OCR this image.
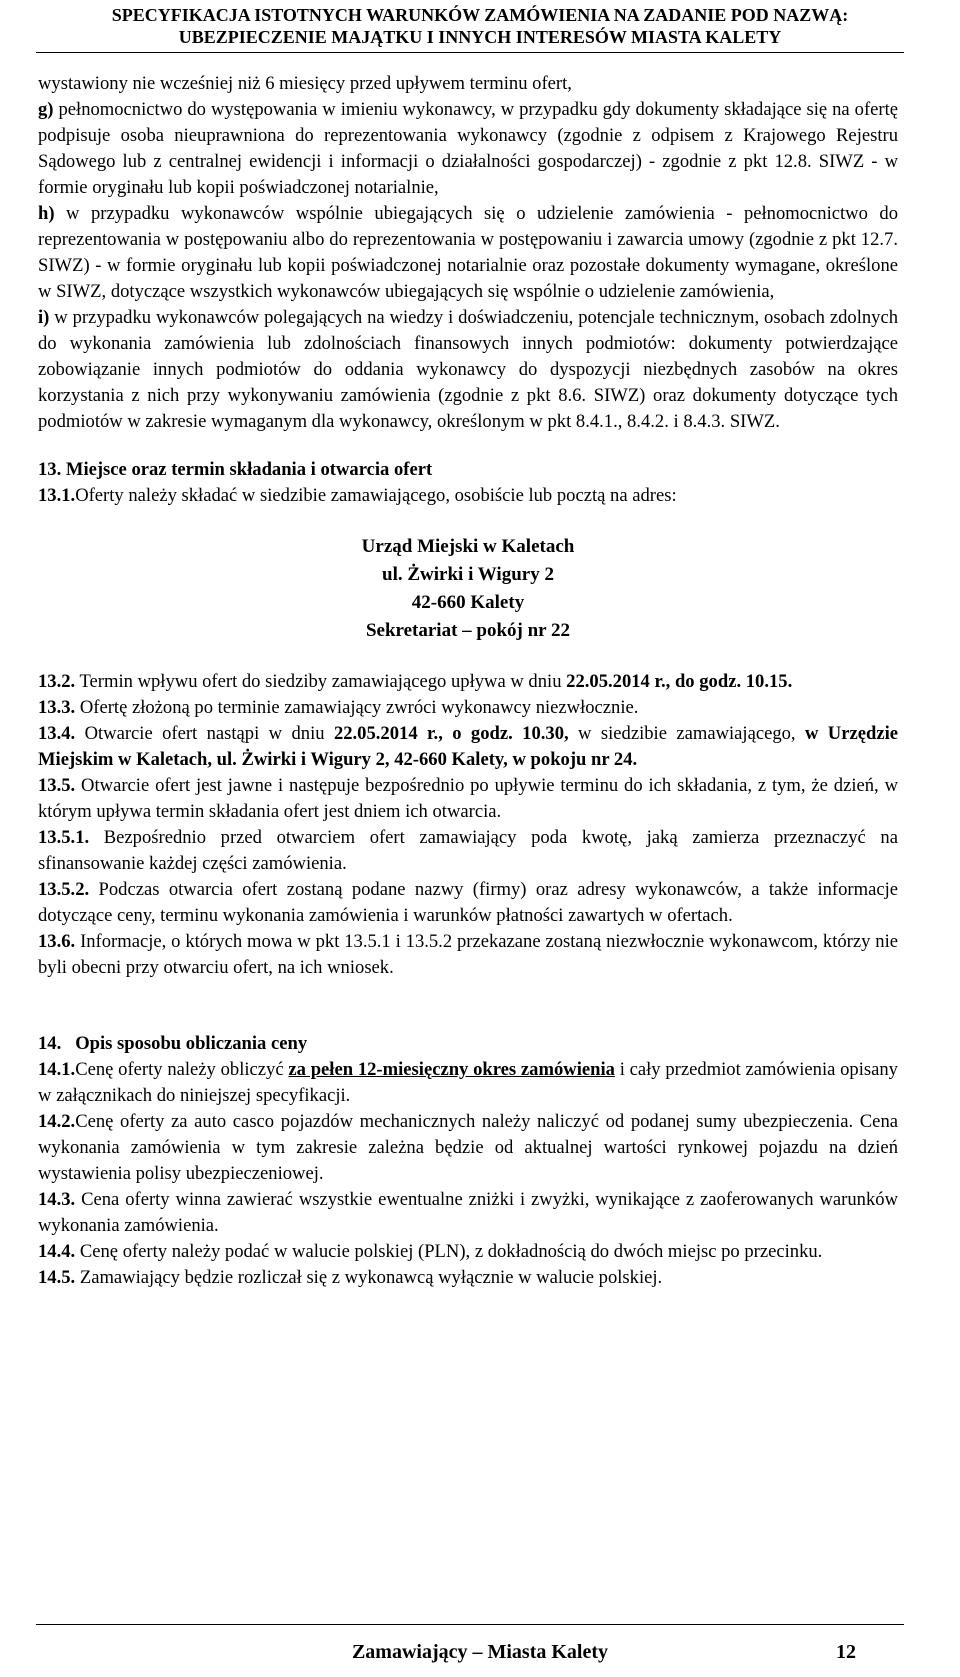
SPECYFIKACJA ISTOTNYCH WARUNKÓW ZAMÓWIENIA NA ZADANIE POD NAZWĄ:
UBEZPIECZENIE MAJĄTKU I INNYCH INTERESÓW MIASTA KALETY

wystawiony nie wcześniej niż 6 miesięcy przed upływem terminu ofert,

g) pełnomocnictwo do występowania w imieniu wykonawcy, w przypadku gdy dokumenty składające się na ofertę podpisuje osoba nieuprawniona do reprezentowania wykonawcy (zgodnie z odpisem z Krajowego Rejestru Sądowego lub z centralnej ewidencji i informacji o działalności gospodarczej) - zgodnie z pkt 12.8. SIWZ - w formie oryginału lub kopii poświadczonej notarialnie,

h) w przypadku wykonawców wspólnie ubiegających się o udzielenie zamówienia - pełnomocnictwo do reprezentowania w postępowaniu albo do reprezentowania w postępowaniu i zawarcia umowy (zgodnie z pkt 12.7. SIWZ) - w formie oryginału lub kopii poświadczonej notarialnie oraz pozostałe dokumenty wymagane, określone w SIWZ, dotyczące wszystkich wykonawców ubiegających się wspólnie o udzielenie zamówienia,

i) w przypadku wykonawców polegających na wiedzy i doświadczeniu, potencjale technicznym, osobach zdolnych do wykonania zamówienia lub zdolnościach finansowych innych podmiotów: dokumenty potwierdzające zobowiązanie innych podmiotów do oddania wykonawcy do dyspozycji niezbędnych zasobów na okres korzystania z nich przy wykonywaniu zamówienia (zgodnie z pkt 8.6. SIWZ) oraz dokumenty dotyczące tych podmiotów w zakresie wymaganym dla wykonawcy, określonym w pkt 8.4.1., 8.4.2. i 8.4.3. SIWZ.

13. Miejsce oraz termin składania i otwarcia ofert

13.1.Oferty należy składać w siedzibie zamawiającego, osobiście lub pocztą na adres:

Urząd Miejski w Kaletach
ul. Żwirki i Wigury 2
42-660 Kalety
Sekretariat – pokój nr 22

13.2. Termin wpływu ofert do siedziby zamawiającego upływa w dniu 22.05.2014 r., do godz. 10.15.

13.3. Ofertę złożoną po terminie zamawiający zwróci wykonawcy niezwłocznie.

13.4. Otwarcie ofert nastąpi w dniu 22.05.2014 r., o godz. 10.30, w siedzibie zamawiającego, w Urzędzie Miejskim w Kaletach, ul. Żwirki i Wigury 2, 42-660 Kalety, w pokoju nr 24.

13.5. Otwarcie ofert jest jawne i następuje bezpośrednio po upływie terminu do ich składania, z tym, że dzień, w którym upływa termin składania ofert jest dniem ich otwarcia.

13.5.1. Bezpośrednio przed otwarciem ofert zamawiający poda kwotę, jaką zamierza przeznaczyć na sfinansowanie każdej części zamówienia.

13.5.2. Podczas otwarcia ofert zostaną podane nazwy (firmy) oraz adresy wykonawców, a także informacje dotyczące ceny, terminu wykonania zamówienia i warunków płatności zawartych w ofertach.

13.6. Informacje, o których mowa w pkt 13.5.1 i 13.5.2 przekazane zostaną niezwłocznie wykonawcom, którzy nie byli obecni przy otwarciu ofert, na ich wniosek.

14.   Opis sposobu obliczania ceny

14.1.Cenę oferty należy obliczyć za pełen 12-miesięczny okres zamówienia i cały przedmiot zamówienia opisany w załącznikach do niniejszej specyfikacji.

14.2.Cenę oferty za auto casco pojazdów mechanicznych należy naliczyć od podanej sumy ubezpieczenia. Cena wykonania zamówienia w tym zakresie zależna będzie od aktualnej wartości rynkowej pojazdu na dzień wystawienia polisy ubezpieczeniowej.

14.3. Cena oferty winna zawierać wszystkie ewentualne zniżki i zwyżki, wynikające z zaoferowanych warunków wykonania zamówienia.

14.4. Cenę oferty należy podać w walucie polskiej (PLN), z dokładnością do dwóch miejsc po przecinku.

14.5. Zamawiający będzie rozliczał się z wykonawcą wyłącznie w walucie polskiej.

Zamawiający – Miasta Kalety	12
